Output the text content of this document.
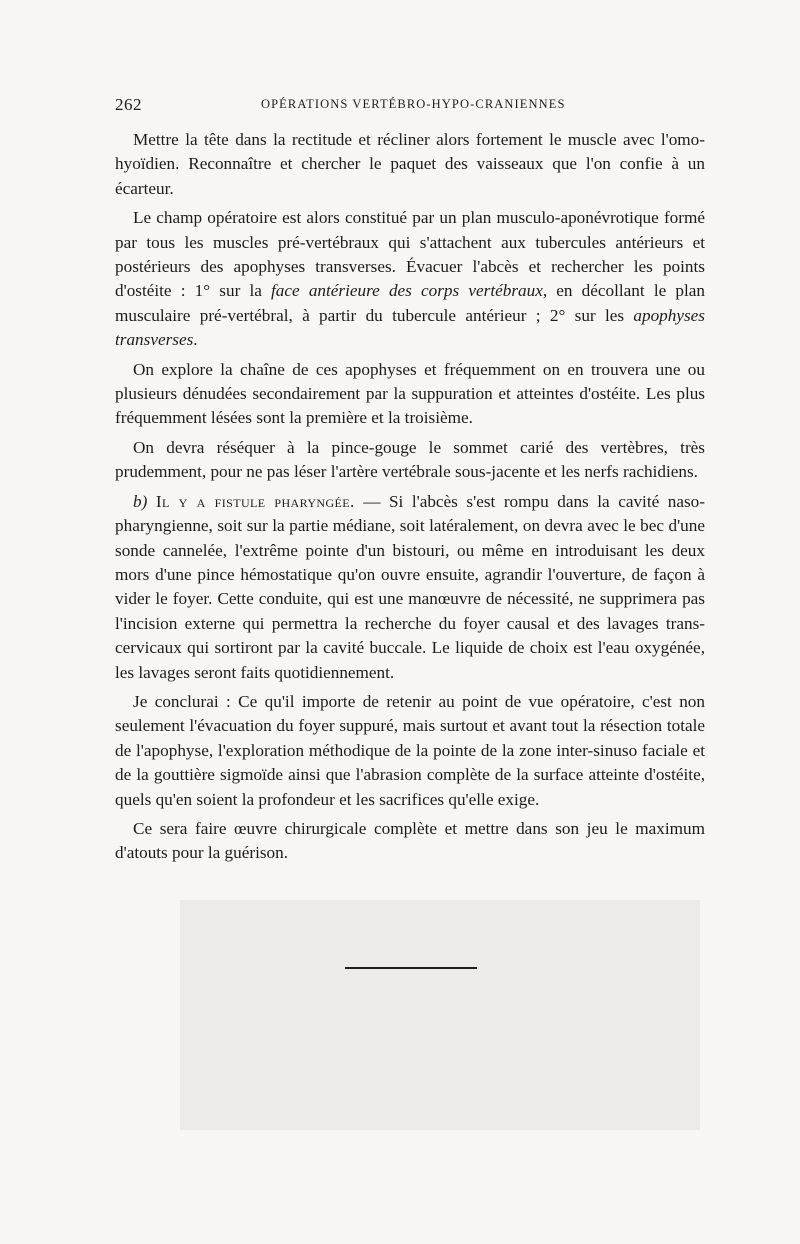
262	OPÉRATIONS VERTÉBRO-HYPO-CRANIENNES

Mettre la tête dans la rectitude et récliner alors fortement le muscle avec l'omo-hyoïdien. Reconnaître et chercher le paquet des vaisseaux que l'on confie à un écarteur.

Le champ opératoire est alors constitué par un plan musculo-aponévrotique formé par tous les muscles pré-vertébraux qui s'attachent aux tubercules antérieurs et postérieurs des apophyses transverses. Évacuer l'abcès et rechercher les points d'ostéite : 1° sur la face antérieure des corps vertébraux, en décollant le plan musculaire pré-vertébral, à partir du tubercule antérieur ; 2° sur les apophyses transverses.

On explore la chaîne de ces apophyses et fréquemment on en trouvera une ou plusieurs dénudées secondairement par la suppuration et atteintes d'ostéite. Les plus fréquemment lésées sont la première et la troisième.

On devra réséquer à la pince-gouge le sommet carié des vertèbres, très prudemment, pour ne pas léser l'artère vertébrale sous-jacente et les nerfs rachidiens.

b) Il y a fistule pharyngée. — Si l'abcès s'est rompu dans la cavité naso-pharyngienne, soit sur la partie médiane, soit latéralement, on devra avec le bec d'une sonde cannelée, l'extrême pointe d'un bistouri, ou même en introduisant les deux mors d'une pince hémostatique qu'on ouvre ensuite, agrandir l'ouverture, de façon à vider le foyer. Cette conduite, qui est une manœuvre de nécessité, ne supprimera pas l'incision externe qui permettra la recherche du foyer causal et des lavages trans-cervicaux qui sortiront par la cavité buccale. Le liquide de choix est l'eau oxygénée, les lavages seront faits quotidiennement.

Je conclurai : Ce qu'il importe de retenir au point de vue opératoire, c'est non seulement l'évacuation du foyer suppuré, mais surtout et avant tout la résection totale de l'apophyse, l'exploration méthodique de la pointe de la zone inter-sinuso faciale et de la gouttière sigmoïde ainsi que l'abrasion complète de la surface atteinte d'ostéite, quels qu'en soient la profondeur et les sacrifices qu'elle exige.

Ce sera faire œuvre chirurgicale complète et mettre dans son jeu le maximum d'atouts pour la guérison.
